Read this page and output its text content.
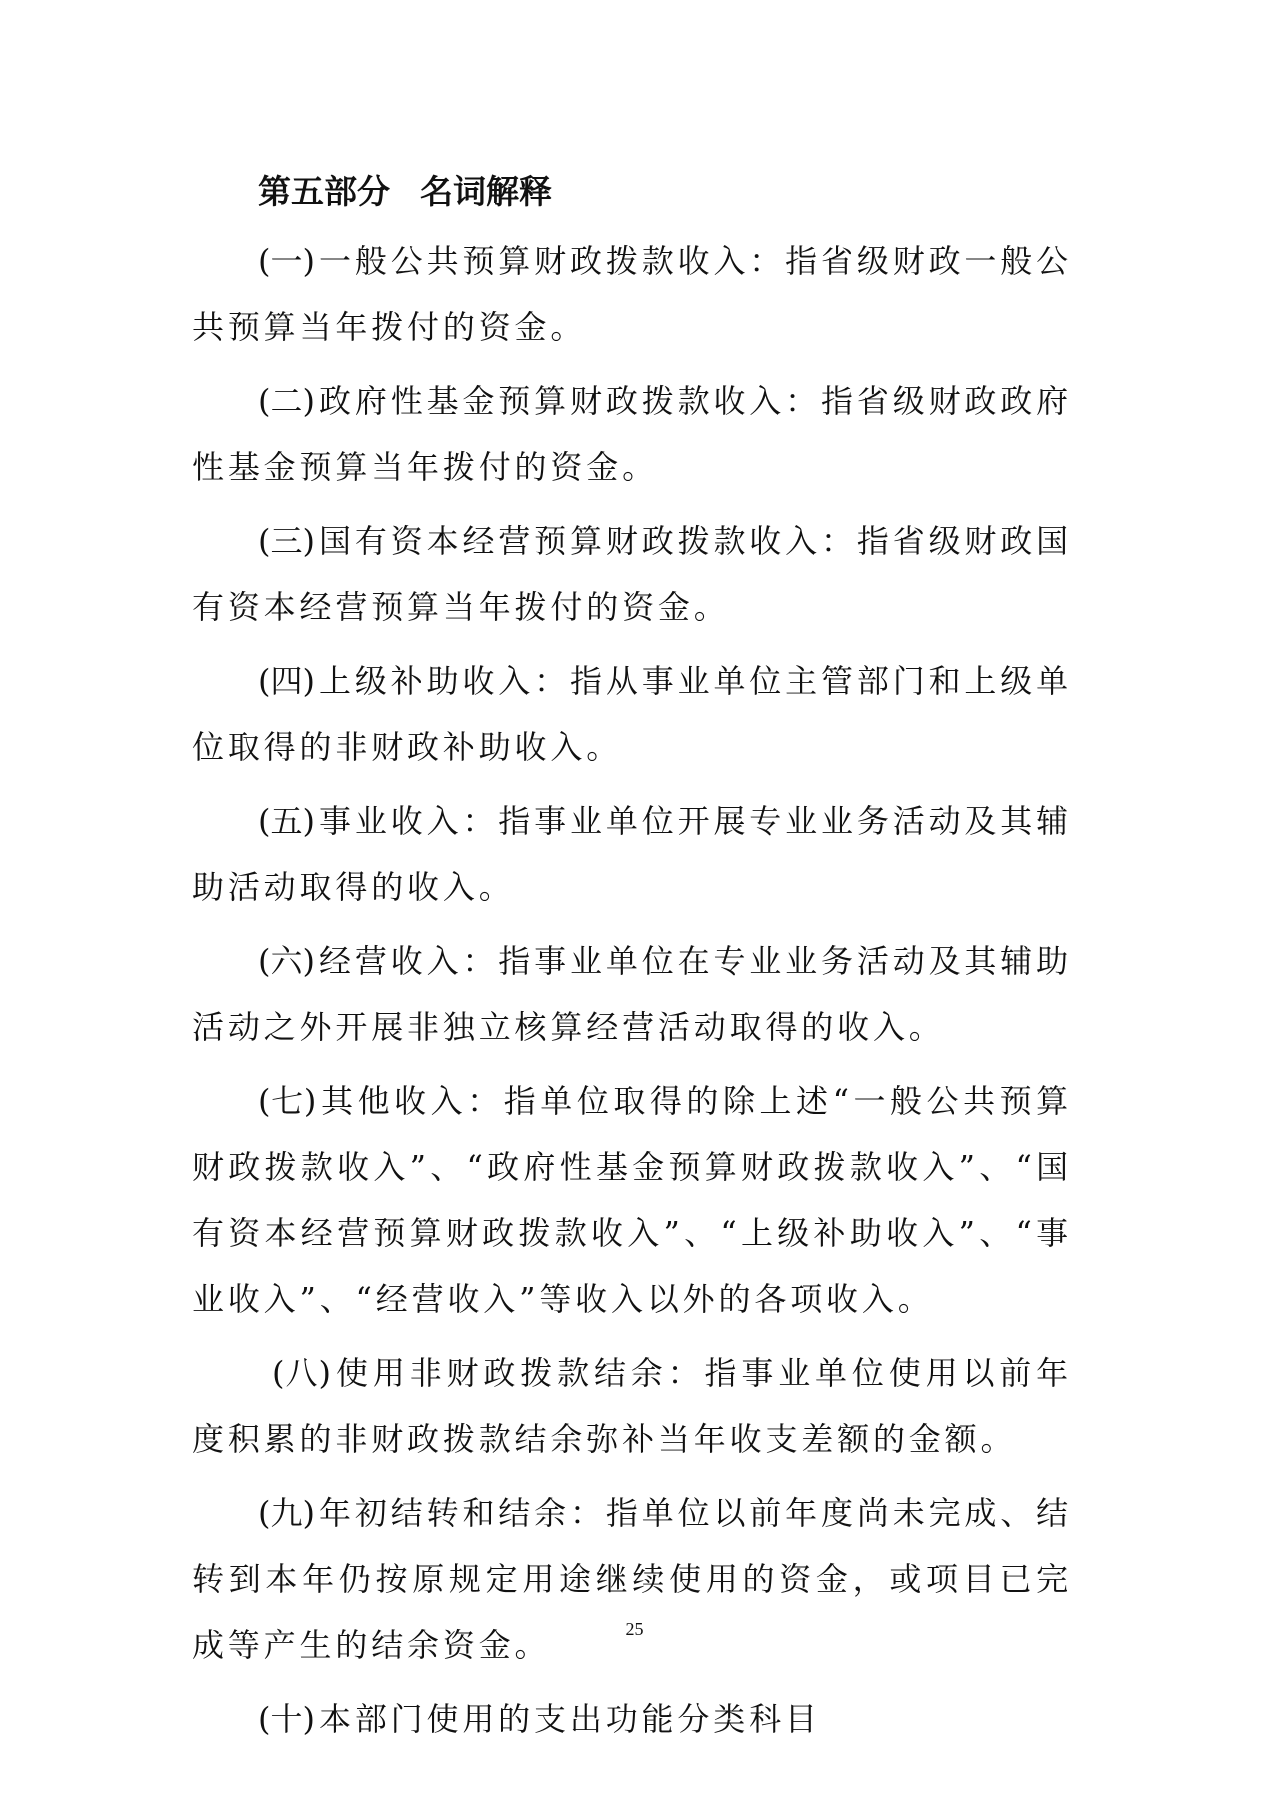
第五部分 名词解释

(一) 一般公共预算财政拨款收入：指省级财政一般公共预算当年拨付的资金。

(二) 政府性基金预算财政拨款收入：指省级财政政府性基金预算当年拨付的资金。

(三) 国有资本经营预算财政拨款收入：指省级财政国有资本经营预算当年拨付的资金。

(四) 上级补助收入：指从事业单位主管部门和上级单位取得的非财政补助收入。

(五) 事业收入：指事业单位开展专业业务活动及其辅助活动取得的收入。

(六) 经营收入：指事业单位在专业业务活动及其辅助活动之外开展非独立核算经营活动取得的收入。

(七) 其他收入：指单位取得的除上述“一般公共预算财政拨款收入”、“政府性基金预算财政拨款收入”、“国有资本经营预算财政拨款收入”、“上级补助收入”、“事业收入”、“经营收入”等收入以外的各项收入。

(八) 使用非财政拨款结余：指事业单位使用以前年度积累的非财政拨款结余弥补当年收支差额的金额。

(九) 年初结转和结余：指单位以前年度尚未完成、结转到本年仍按原规定用途继续使用的资金，或项目已完成等产生的结余资金。

(十) 本部门使用的支出功能分类科目

25
